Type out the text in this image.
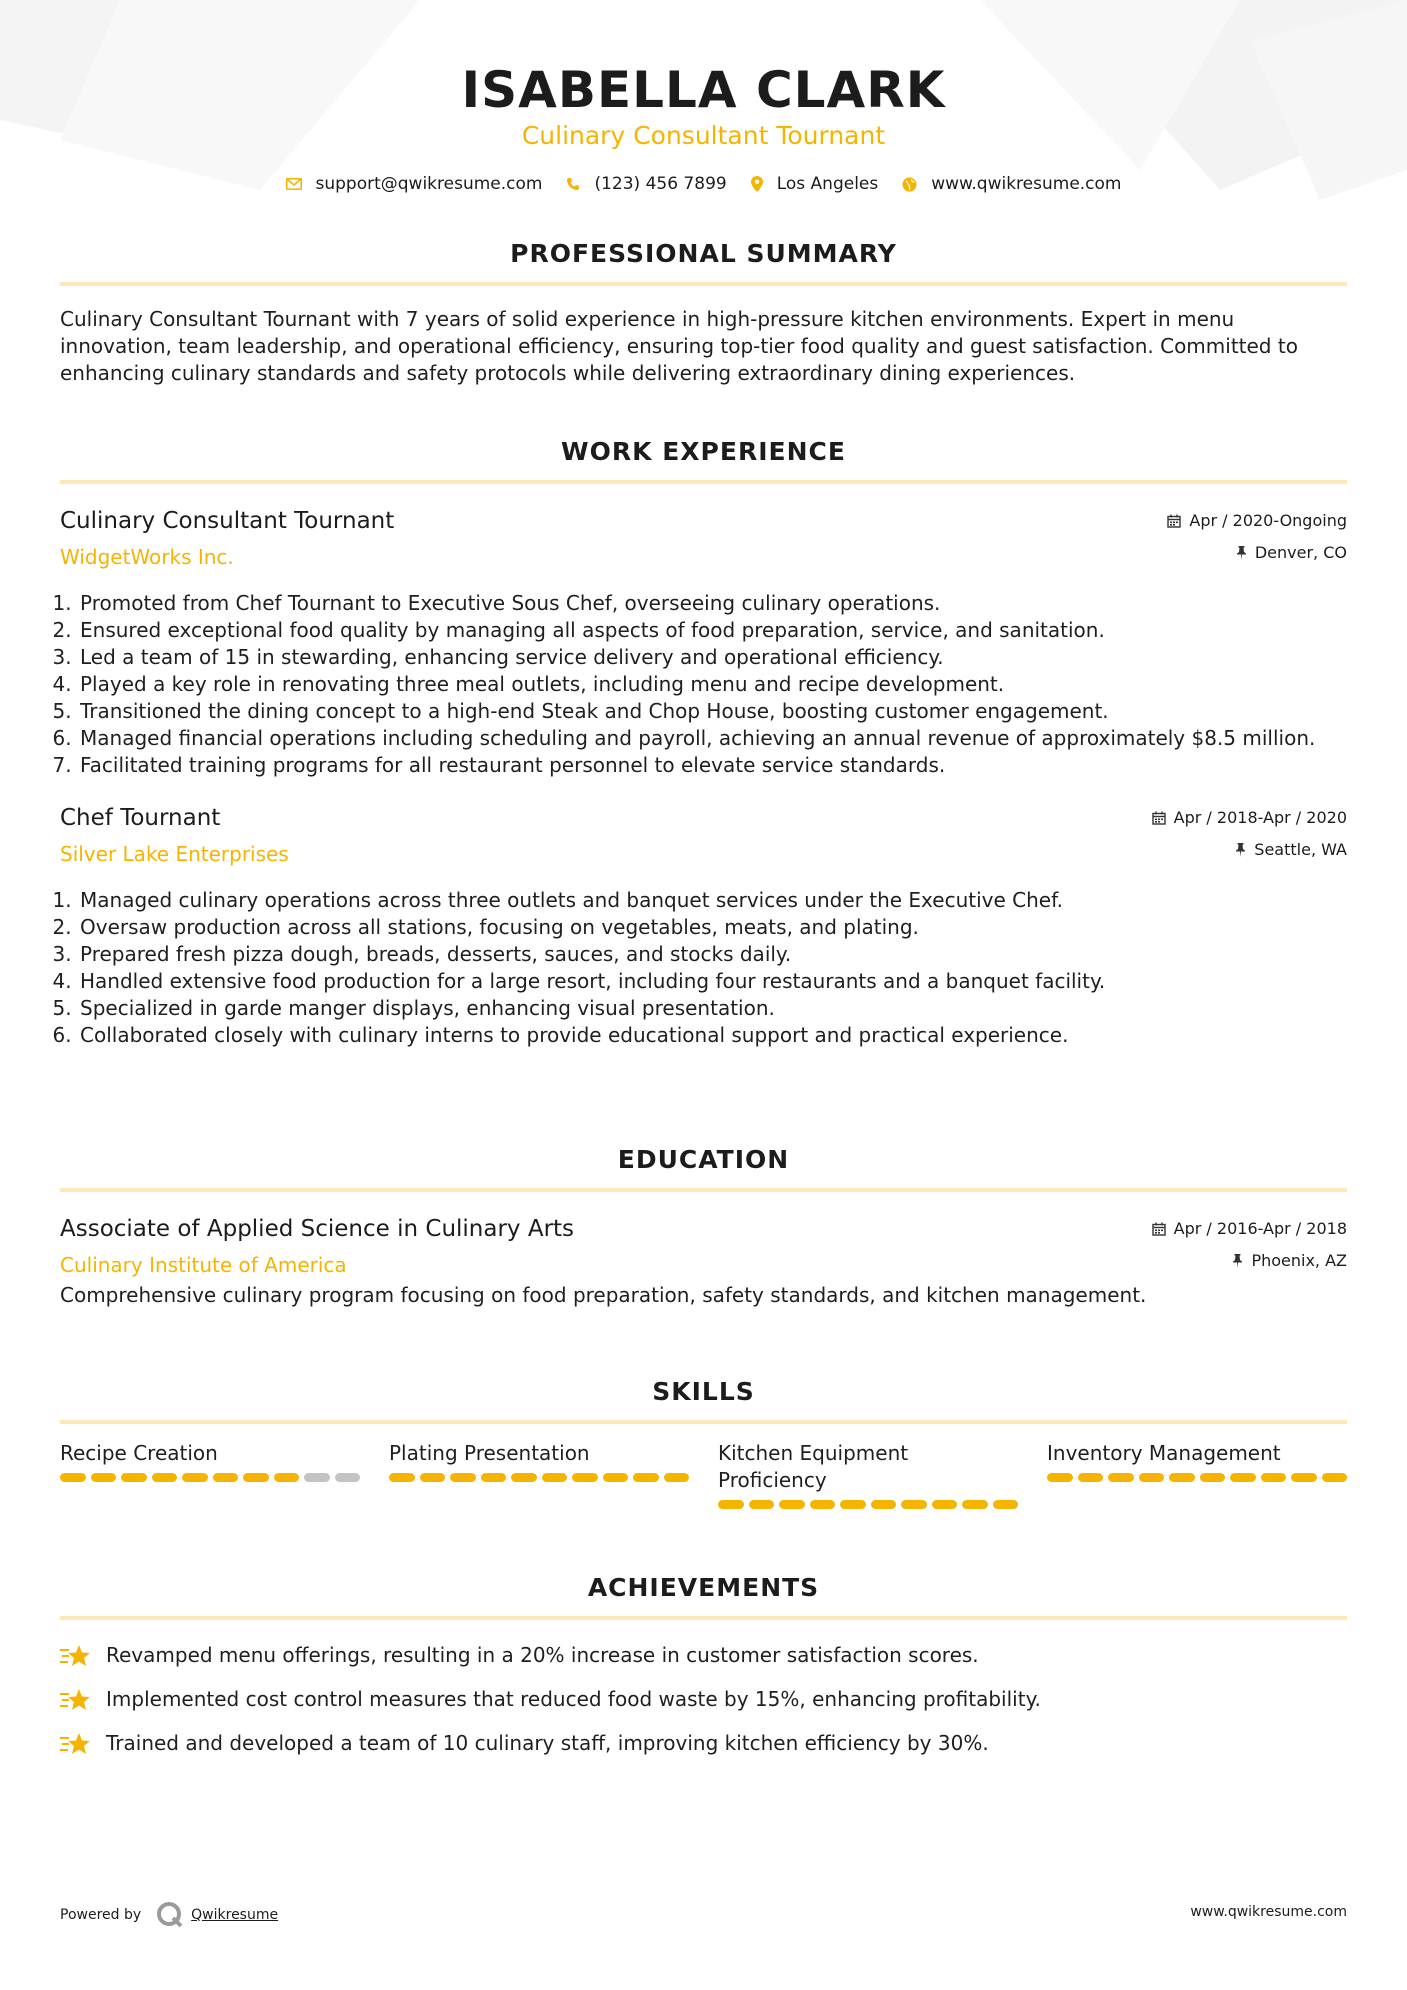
ISABELLA CLARK
Culinary Consultant Tournant
support@qwikresume.com	(123) 456 7899	Los Angeles	www.qwikresume.com
PROFESSIONAL SUMMARY
Culinary Consultant Tournant with 7 years of solid experience in high-pressure kitchen environments. Expert in menu innovation, team leadership, and operational efficiency, ensuring top-tier food quality and guest satisfaction. Committed to enhancing culinary standards and safety protocols while delivering extraordinary dining experiences.
WORK EXPERIENCE
Culinary Consultant Tournant
WidgetWorks Inc.
Apr / 2020-Ongoing
Denver, CO
1. Promoted from Chef Tournant to Executive Sous Chef, overseeing culinary operations.
2. Ensured exceptional food quality by managing all aspects of food preparation, service, and sanitation.
3. Led a team of 15 in stewarding, enhancing service delivery and operational efficiency.
4. Played a key role in renovating three meal outlets, including menu and recipe development.
5. Transitioned the dining concept to a high-end Steak and Chop House, boosting customer engagement.
6. Managed financial operations including scheduling and payroll, achieving an annual revenue of approximately $8.5 million.
7. Facilitated training programs for all restaurant personnel to elevate service standards.
Chef Tournant
Silver Lake Enterprises
Apr / 2018-Apr / 2020
Seattle, WA
1. Managed culinary operations across three outlets and banquet services under the Executive Chef.
2. Oversaw production across all stations, focusing on vegetables, meats, and plating.
3. Prepared fresh pizza dough, breads, desserts, sauces, and stocks daily.
4. Handled extensive food production for a large resort, including four restaurants and a banquet facility.
5. Specialized in garde manger displays, enhancing visual presentation.
6. Collaborated closely with culinary interns to provide educational support and practical experience.
EDUCATION
Associate of Applied Science in Culinary Arts
Culinary Institute of America
Apr / 2016-Apr / 2018
Phoenix, AZ
Comprehensive culinary program focusing on food preparation, safety standards, and kitchen management.
SKILLS
Recipe Creation	Plating Presentation	Kitchen Equipment Proficiency
Inventory Management
ACHIEVEMENTS
Revamped menu offerings, resulting in a 20% increase in customer satisfaction scores.
Implemented cost control measures that reduced food waste by 15%, enhancing profitability.
Trained and developed a team of 10 culinary staff, improving kitchen efficiency by 30%.
Powered by	Qwikresume	www.qwikresume.com
